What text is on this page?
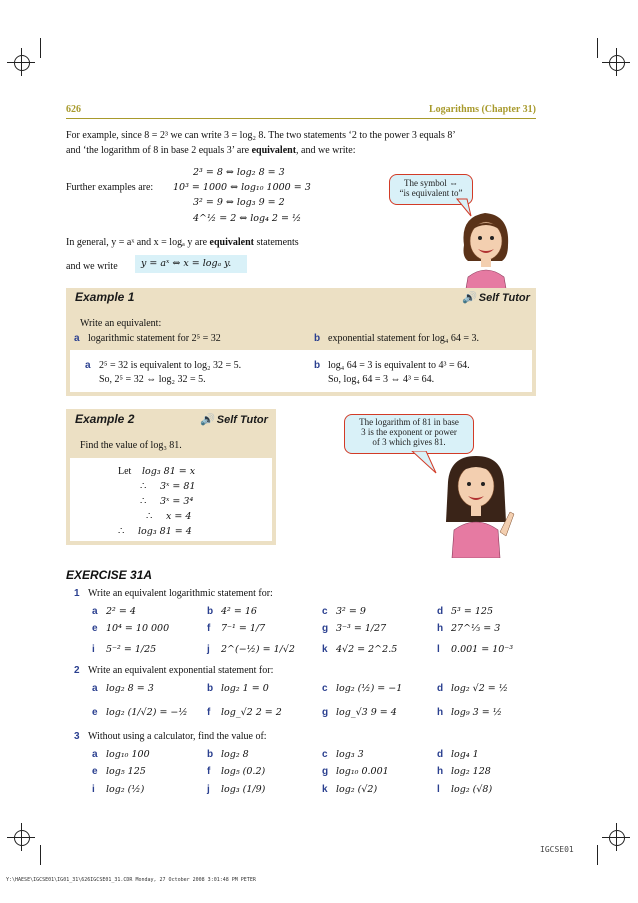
626	Logarithms (Chapter 31)
For example, since 8 = 2³ we can write 3 = log₂ 8. The two statements ‘2 to the power 3 equals 8’
and ‘the logarithm of 8 in base 2 equals 3’ are equivalent, and we write:
2³ = 8 ⇔ log₂ 8 = 3
Further examples are: 10³ = 1000 ⇔ log₁₀ 1000 = 3
3² = 9 ⇔ log₃ 9 = 2
4^½ = 2 ⇔ log₄ 2 = ½
In general, y = aˣ and x = logₐ y are equivalent statements
and we write y = aˣ ⇔ x = logₐ y.
The symbol ⇔
“is equivalent to”
Example 1	🔊 Self Tutor
Write an equivalent:
a logarithmic statement for 2⁵ = 32	b exponential statement for log₄ 64 = 3.
a 2⁵ = 32 is equivalent to log₂ 32 = 5.
So, 2⁵ = 32 ⇔ log₂ 32 = 5.
b log₄ 64 = 3 is equivalent to 4³ = 64.
So, log₄ 64 = 3 ⇔ 4³ = 64.
Example 2	🔊 Self Tutor
Find the value of log₃ 81.
Let log₃ 81 = x
∴ 3ˣ = 81
∴ 3ˣ = 3⁴
∴ x = 4
∴ log₃ 81 = 4
The logarithm of 81 in base
3 is the exponent or power
of 3 which gives 81.
EXERCISE 31A
1 Write an equivalent logarithmic statement for:
a 2² = 4	b 4² = 16	c 3² = 9	d 5³ = 125
e 10⁴ = 10 000	f 7⁻¹ = 1/7	g 3⁻³ = 1/27	h 27^⅓ = 3
i 5⁻² = 1/25	j 2^(−½) = 1/√2	k 4√2 = 2^2.5	l 0.001 = 10⁻³
2 Write an equivalent exponential statement for:
a log₂ 8 = 3	b log₂ 1 = 0	c log₂ (½) = −1	d log₂ √2 = ½
e log₂ (1/√2) = −½ f log_√2 2 = 2	g log_√3 9 = 4	h log₉ 3 = ½
3 Without using a calculator, find the value of:
a log₁₀ 100	b log₂ 8	c log₃ 3	d log₄ 1
e log₅ 125	f log₅ (0.2)	g log₁₀ 0.001	h log₂ 128
i log₂ (½)	j log₃ (1/9)	k log₂ (√2)	l log₂ (√8)
IGCSE01
Y:\HAESE\IGCSE01\IG01_31\626IGCSE01_31.CDR Monday, 27 October 2008 3:01:48 PM PETER
